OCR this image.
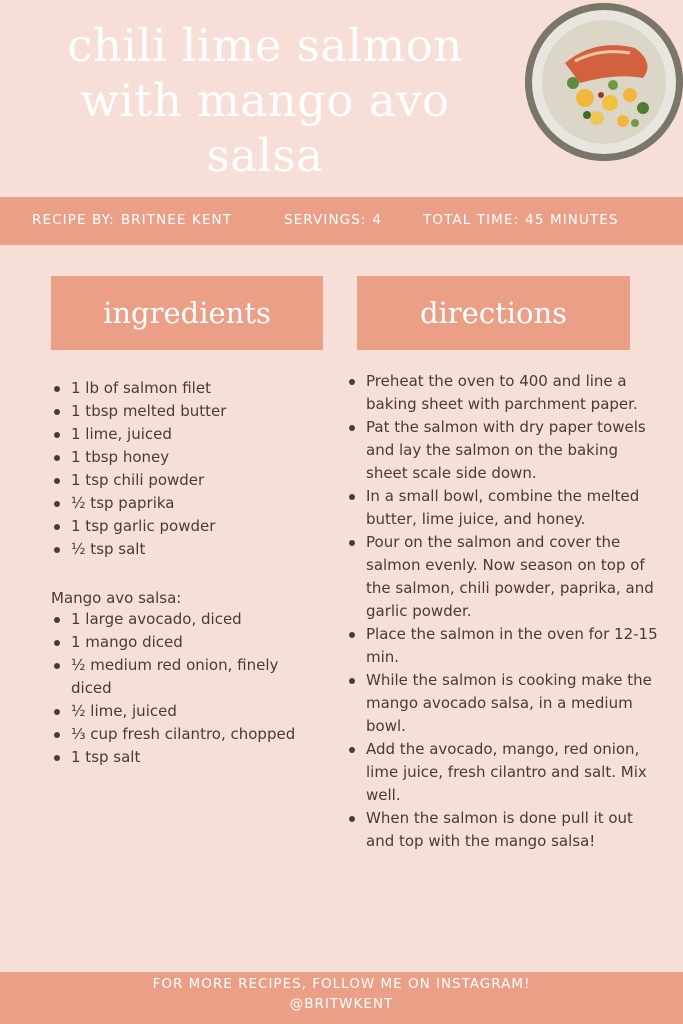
chili lime salmon with mango avo salsa
RECIPE BY: BRITNEE KENT	SERVINGS: 4	TOTAL TIME: 45 MINUTES
ingredients	directions
1 lb of salmon filet
1 tbsp melted butter
1 lime, juiced
1 tbsp honey
1 tsp chili powder
½ tsp paprika
1 tsp garlic powder
½ tsp salt
Mango avo salsa:
1 large avocado, diced
1 mango diced
½ medium red onion, finely diced
½ lime, juiced
⅓ cup fresh cilantro, chopped
1 tsp salt
Preheat the oven to 400 and line a baking sheet with parchment paper.
Pat the salmon with dry paper towels and lay the salmon on the baking sheet scale side down.
In a small bowl, combine the melted butter, lime juice, and honey.
Pour on the salmon and cover the salmon evenly. Now season on top of the salmon, chili powder, paprika, and garlic powder.
Place the salmon in the oven for 12-15 min.
While the salmon is cooking make the mango avocado salsa, in a medium bowl.
Add the avocado, mango, red onion, lime juice, fresh cilantro and salt. Mix well.
When the salmon is done pull it out and top with the mango salsa!
FOR MORE RECIPES, FOLLOW ME ON INSTAGRAM!
@BRITWKENT
